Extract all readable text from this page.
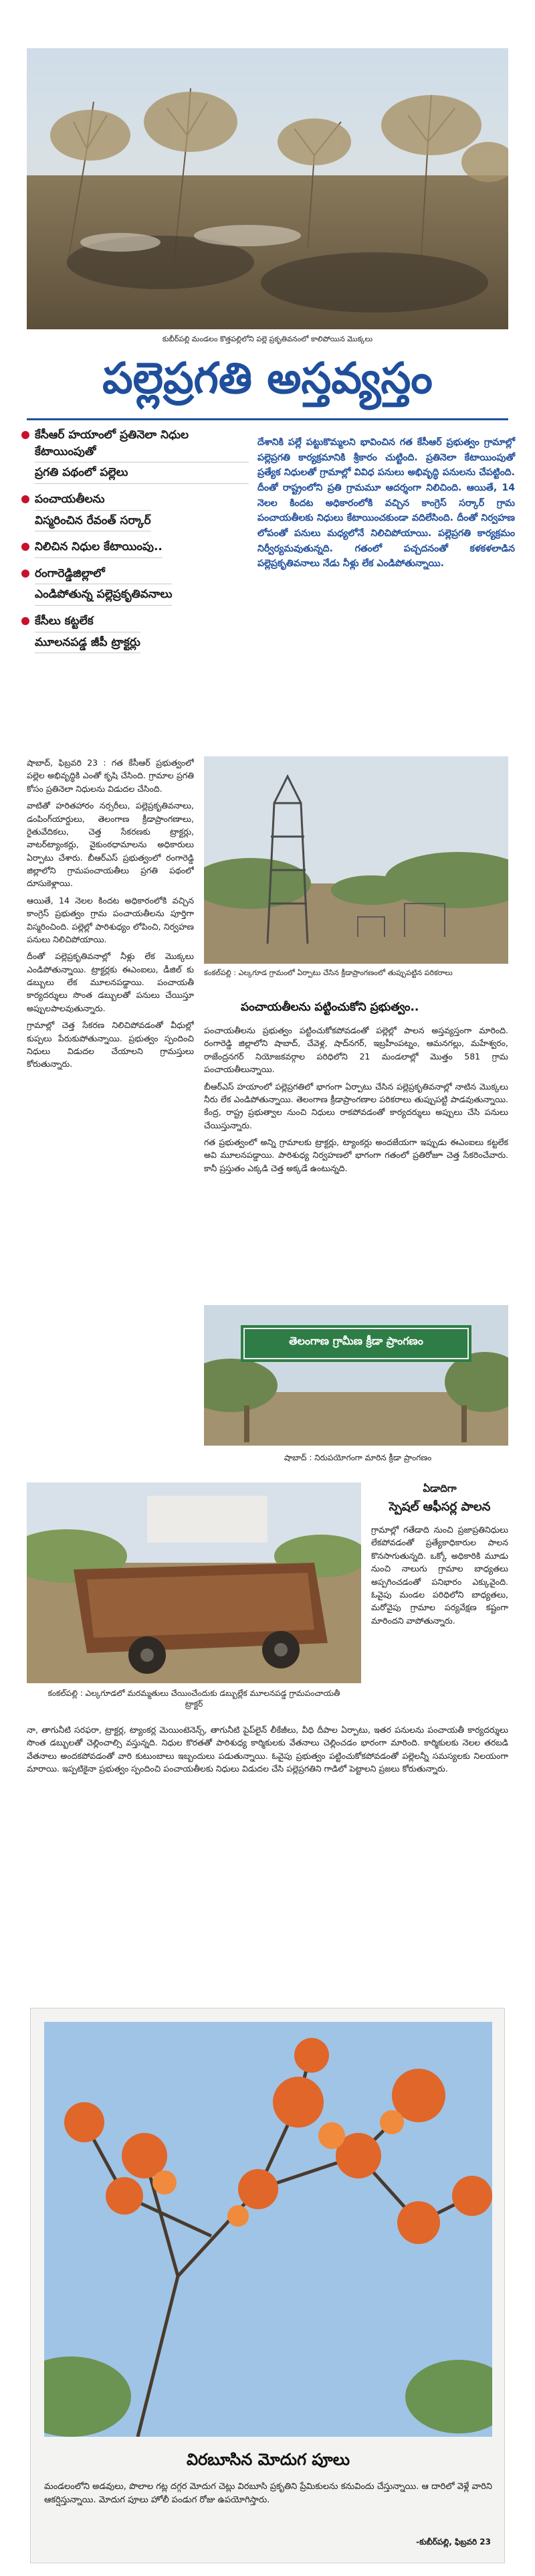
కుబీర్‌పల్లి మండలం కొత్తపల్లిలోని పల్లె ప్రకృతివనంలో కాలిపోయిన మొక్కలు
పల్లెప్రగతి అస్తవ్యస్తం
కేసీఆర్ హయాంలో ప్రతినెలా నిధుల కేటాయింపుతో
ప్రగతి పథంలో పల్లెలు
పంచాయతీలను
విస్మరించిన రేవంత్ సర్కార్
నిలిచిన నిధుల కేటాయింపు..
రంగారెడ్డిజిల్లాలో
ఎండిపోతున్న పల్లెప్రకృతివనాలు
కేసీలు కట్టలేక
మూలనపడ్డ జీపీ ట్రాక్టర్లు
దేశానికి పల్లెే పట్టుకొమ్మలని భావించిన గత కేసీఆర్ ప్రభుత్వం గ్రామాల్లో పల్లెప్రగతి కార్యక్రమానికి శ్రీకారం చుట్టింది. ప్రతినెలా కేటాయింపుతో ప్రత్యేక నిధులతో గ్రామాల్లో వివిధ పనులు అభివృద్ధి పనులను చేపట్టింది. దీంతో రాష్ట్రంలోని ప్రతి గ్రామమూ ఆదర్శంగా నిలిచింది. ఆయితే, 14 నెలల కిందట అధికారంలోకి వచ్చిన కాంగ్రెస్ సర్కార్ గ్రామ పంచాయతీలకు నిధులు కేటాయించకుండా వదిలేసింది. దీంతో నిర్వహణ లోపంతో పనులు మధ్యలోనే నిలిచిపోయాయి. పల్లెప్రగతి కార్యక్రమం నిర్వీర్యమవుతున్నది. గతంలో పచ్చదనంతో కళకళలాడిన పల్లెప్రకృతివనాలు నేడు నీళ్లు లేక ఎండిపోతున్నాయి.

షాబాద్, ఫిబ్రవరి 23 : గత కేసీఆర్ ప్రభుత్వంలో పల్లెల అభివృద్ధికి ఎంతో కృషి చేసింది. గ్రామాల ప్రగతి కోసం ప్రతినెలా నిధులను విడుదల చేసింది.

వాటితో హరితహారం నర్సరీలు, పల్లెప్రకృతివనాలు, డంపింగ్‌యార్డులు, తెలంగాణ క్రీడాప్రాంగణాలు, రైతువేదికలు, చెత్త సేకరణకు ట్రాక్టర్లు, వాటర్‌ట్యాంకర్లు, వైకుంఠధామాలను అధికారులు ఏర్పాటు చేశారు. బీఆర్ఎస్ ప్రభుత్వంలో రంగారెడ్డి జిల్లాలోని గ్రామపంచాయతీలు ప్రగతి పథంలో దూసుకెళ్లాయి.

ఆయితే, 14 నెలల కిందట అధికారంలోకి వచ్చిన కాంగ్రెస్ ప్రభుత్వం గ్రామ పంచాయతీలను పూర్తిగా విస్మరించింది. పల్లెల్లో పారిశుధ్యం లోపించి, నిర్వహణ పనులు నిలిచిపోయాయి.

దీంతో పల్లెప్రకృతివనాల్లో నీళ్లు లేక మొక్కలు ఎండిపోతున్నాయి. ట్రాక్టర్లకు ఈఎంఐలు, డీజిల్ కు డబ్బులు లేక మూలనపడ్డాయి. పంచాయతీ కార్యదర్శులు సొంత డబ్బులతో పనులు చేయిస్తూ అప్పులపాలవుతున్నారు.

గ్రామాల్లో చెత్త సేకరణ నిలిచిపోవడంతో వీధుల్లో కుప్పలు పేరుకుపోతున్నాయి. ప్రభుత్వం స్పందించి నిధులు విడుదల చేయాలని గ్రామస్తులు కోరుతున్నారు.

కంకల్‌పల్లి : ఎల్కగూడ గ్రామంలో ఏర్పాటు చేసిన క్రీడాప్రాంగణంలో తుప్పుపట్టిన పరికరాలు
పంచాయతీలను పట్టించుకోని ప్రభుత్వం..

పంచాయతీలను ప్రభుత్వం పట్టించుకోకపోవడంతో పల్లెల్లో పాలన అస్తవ్యస్తంగా మారింది. రంగారెడ్డి జిల్లాలోని షాబాద్, చేవెళ్ల, షాద్‌నగర్, ఇబ్రహీంపట్నం, ఆమనగల్లు, మహేశ్వరం, రాజేంద్రనగర్ నియోజకవర్గాల పరిధిలోని 21 మండలాల్లో మొత్తం 581 గ్రామ పంచాయతీలున్నాయి.

బీఆర్ఎస్ హయాంలో పల్లెప్రగతిలో భాగంగా ఏర్పాటు చేసిన పల్లెప్రకృతివనాల్లో నాటిన మొక్కలు నీరు లేక ఎండిపోతున్నాయి. తెలంగాణ క్రీడాప్రాంగణాల పరికరాలు తుప్పుపట్టి పాడవుతున్నాయి. కేంద్ర, రాష్ట్ర ప్రభుత్వాల నుంచి నిధులు రాకపోవడంతో కార్యదర్శులు అప్పులు చేసి పనులు చేయిస్తున్నారు.

గత ప్రభుత్వంలో అన్ని గ్రామాలకు ట్రాక్టర్లు, ట్యాంకర్లు అందజేయగా ఇప్పుడు ఈఎంఐలు కట్టలేక అవి మూలనపడ్డాయి. పారిశుధ్య నిర్వహణలో భాగంగా గతంలో ప్రతిరోజూ చెత్త సేకరించేవారు. కానీ ప్రస్తుతం ఎక్కడి చెత్త అక్కడే ఉంటున్నది.

తెలంగాణ గ్రామీణ క్రీడా ప్రాంగణం
షాబాద్ : నిరుపయోగంగా మారిన క్రీడా ప్రాంగణం
కంకల్‌పల్లి : ఎల్కగూడలో మరమ్మతులు చేయించేందుకు డబ్బుల్లేక మూలనపడ్డ గ్రామపంచాయతీ ట్రాక్టర్
ఏడాదిగా
స్పెషల్ ఆఫీసర్ల పాలన
గ్రామాల్లో గతేడాది నుంచి ప్రజాప్రతినిధులు లేకపోవడంతో ప్రత్యేకాధికారుల పాలన కొనసాగుతున్నది. ఒక్కో అధికారికి మూడు నుంచి నాలుగు గ్రామాల బాధ్యతలు అప్పగించడంతో పనిభారం ఎక్కువైంది. ఓవైపు మండల పరిధిలోని బాధ్యతలు, మరోవైపు గ్రామాల పర్యవేక్షణ కష్టంగా మారిందని వాపోతున్నారు.
నా, తాగునీటి సరఫరా, ట్రాక్టర్ల, ట్యాంకర్ల మెయింటెనెన్స్, తాగునీటి పైప్‌లైన్ లీకేజీలు, వీధి దీపాల ఏర్పాటు, ఇతర పనులను పంచాయతీ కార్యదర్శులు సొంత డబ్బులతో చెల్లించాల్సి వస్తున్నది. నిధుల కొరతతో పారిశుధ్య కార్మికులకు వేతనాలు చెల్లించడం భారంగా మారింది. కార్మికులకు నెలల తరబడి వేతనాలు అందకపోవడంతో వారి కుటుంబాలు ఇబ్బందులు పడుతున్నాయి. ఓవైపు ప్రభుత్వం పట్టించుకోకపోవడంతో పల్లెలన్నీ సమస్యలకు నిలయంగా మారాయి. ఇప్పటికైనా ప్రభుత్వం స్పందించి పంచాయతీలకు నిధులు విడుదల చేసి పల్లెప్రగతిని గాడిలో పెట్టాలని ప్రజలు కోరుతున్నారు.
విరబూసిన మోదుగ పూలు
మండలంలోని అడవులు, పొలాల గట్ల దగ్గర మోదుగ చెట్లు విరబూసి ప్రకృతిని ప్రేమికులను కనువిందు చేస్తున్నాయి. ఆ దారిలో వెళ్లే వారిని ఆకర్షిస్తున్నాయి. మోదుగ పూలు హోలీ పండుగ రోజు ఉపయోగిస్తారు.
-కుబీర్‌పల్లి, ఫిబ్రవరి 23
